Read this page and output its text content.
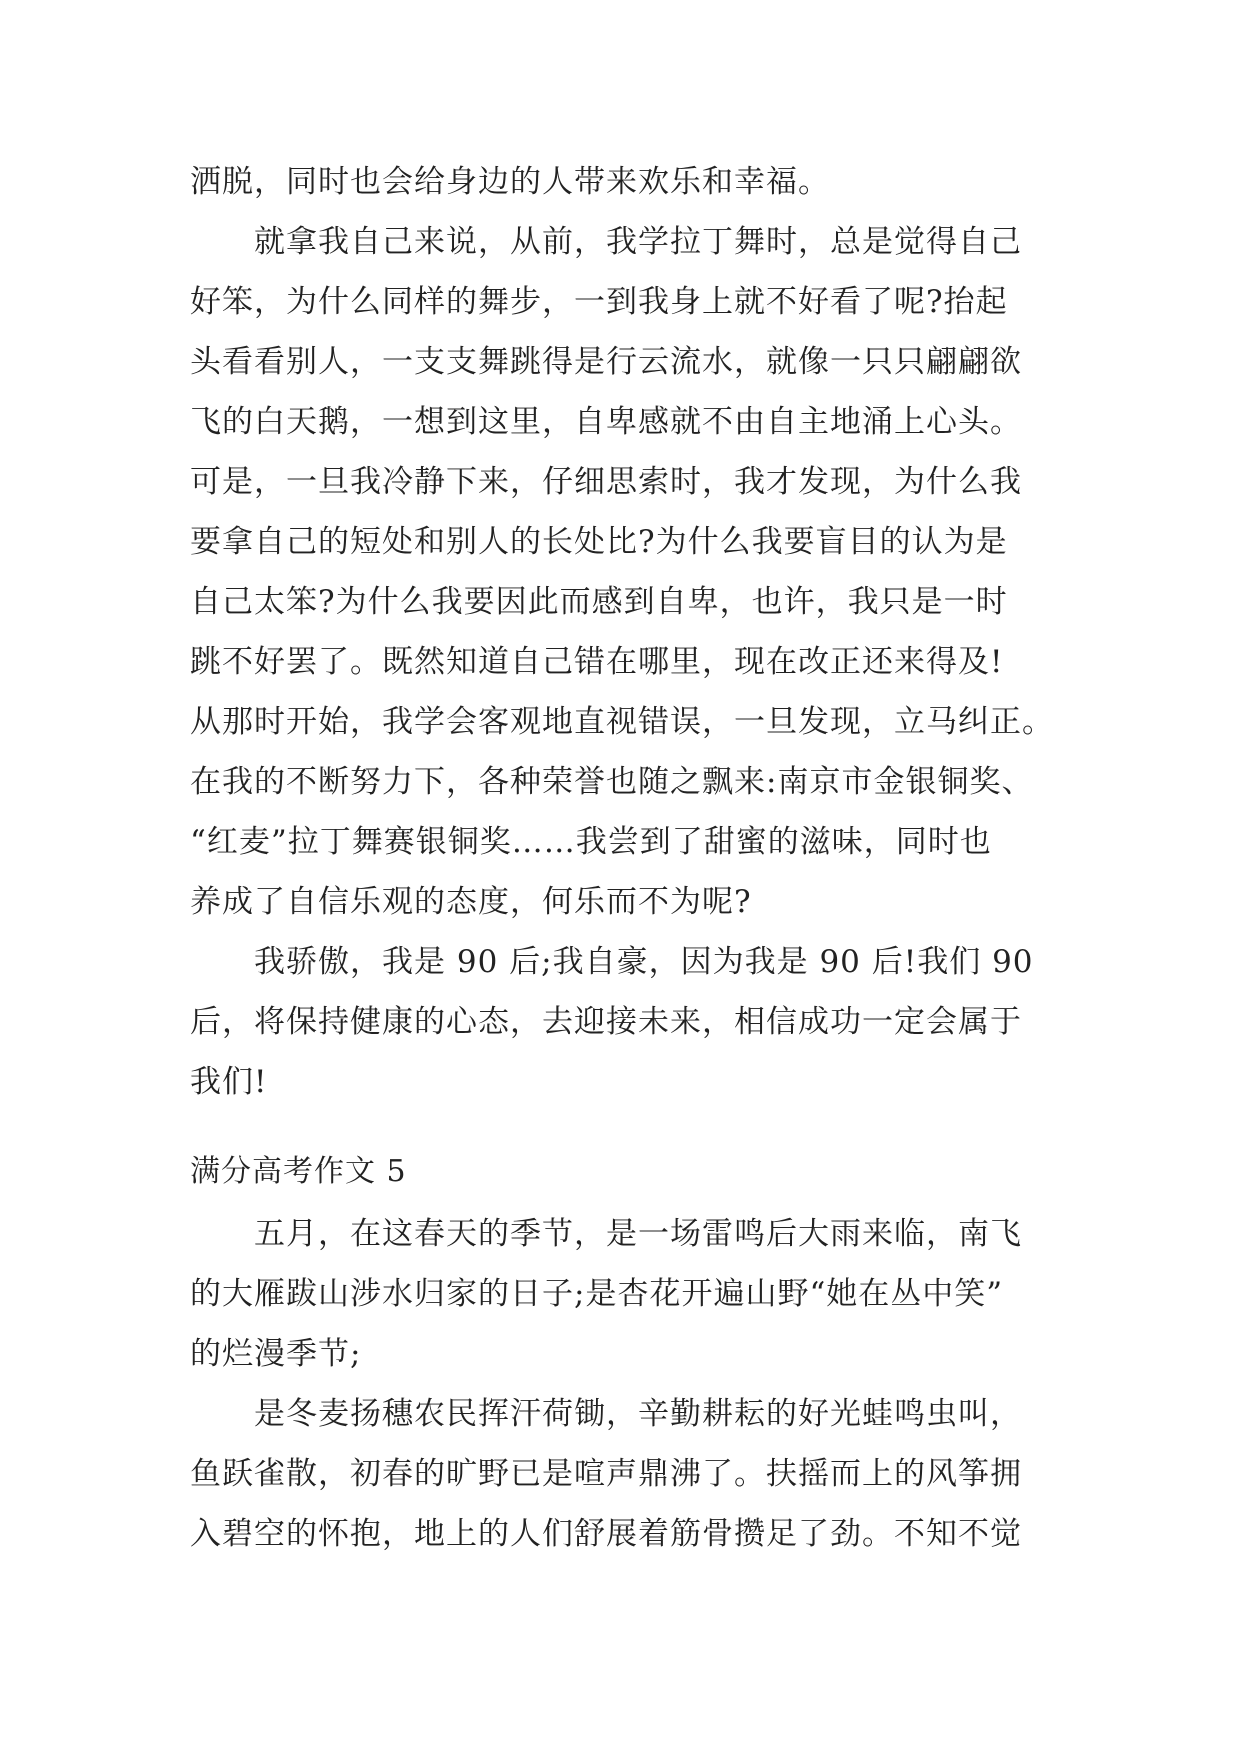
洒脱，同时也会给身边的人带来欢乐和幸福。
就拿我自己来说，从前，我学拉丁舞时，总是觉得自己
好笨，为什么同样的舞步，一到我身上就不好看了呢?抬起
头看看别人，一支支舞跳得是行云流水，就像一只只翩翩欲
飞的白天鹅，一想到这里，自卑感就不由自主地涌上心头。
可是，一旦我冷静下来，仔细思索时，我才发现，为什么我
要拿自己的短处和别人的长处比?为什么我要盲目的认为是
自己太笨?为什么我要因此而感到自卑，也许，我只是一时
跳不好罢了。既然知道自己错在哪里，现在改正还来得及!
从那时开始，我学会客观地直视错误，一旦发现，立马纠正。
在我的不断努力下，各种荣誉也随之飘来:南京市金银铜奖、
“红麦”拉丁舞赛银铜奖……我尝到了甜蜜的滋味，同时也
养成了自信乐观的态度，何乐而不为呢?
我骄傲，我是 90 后;我自豪，因为我是 90 后!我们 90
后，将保持健康的心态，去迎接未来，相信成功一定会属于
我们!
满分高考作文 5
五月，在这春天的季节，是一场雷鸣后大雨来临，南飞
的大雁跋山涉水归家的日子;是杏花开遍山野“她在丛中笑”
的烂漫季节;
是冬麦扬穗农民挥汗荷锄，辛勤耕耘的好光蛙鸣虫叫，
鱼跃雀散，初春的旷野已是喧声鼎沸了。扶摇而上的风筝拥
入碧空的怀抱，地上的人们舒展着筋骨攒足了劲。不知不觉
